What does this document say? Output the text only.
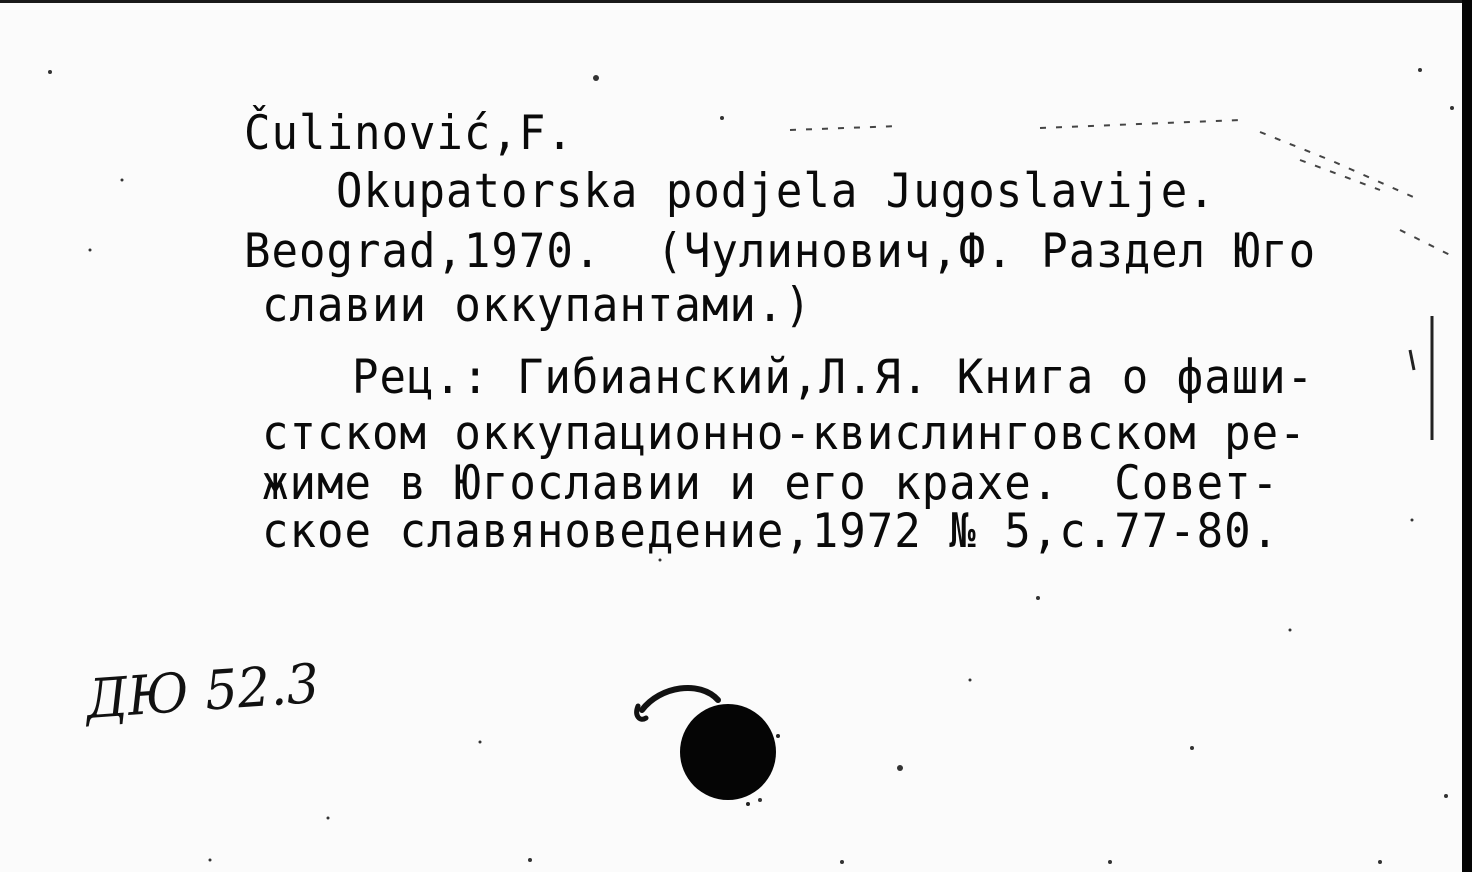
Čulinović,F.
Okupatorska podjela Jugoslavije.
Beograd,1970.  (Чулинович,Ф. Раздел Юго
славии оккупантами.)
Рец.: Гибианский,Л.Я. Книга о фаши-
стском оккупационно-квислинговском ре-
жиме в Югославии и его крахе.  Совет-
ское славяноведение,1972 № 5,с.77-80.
ДЮ 52.3
